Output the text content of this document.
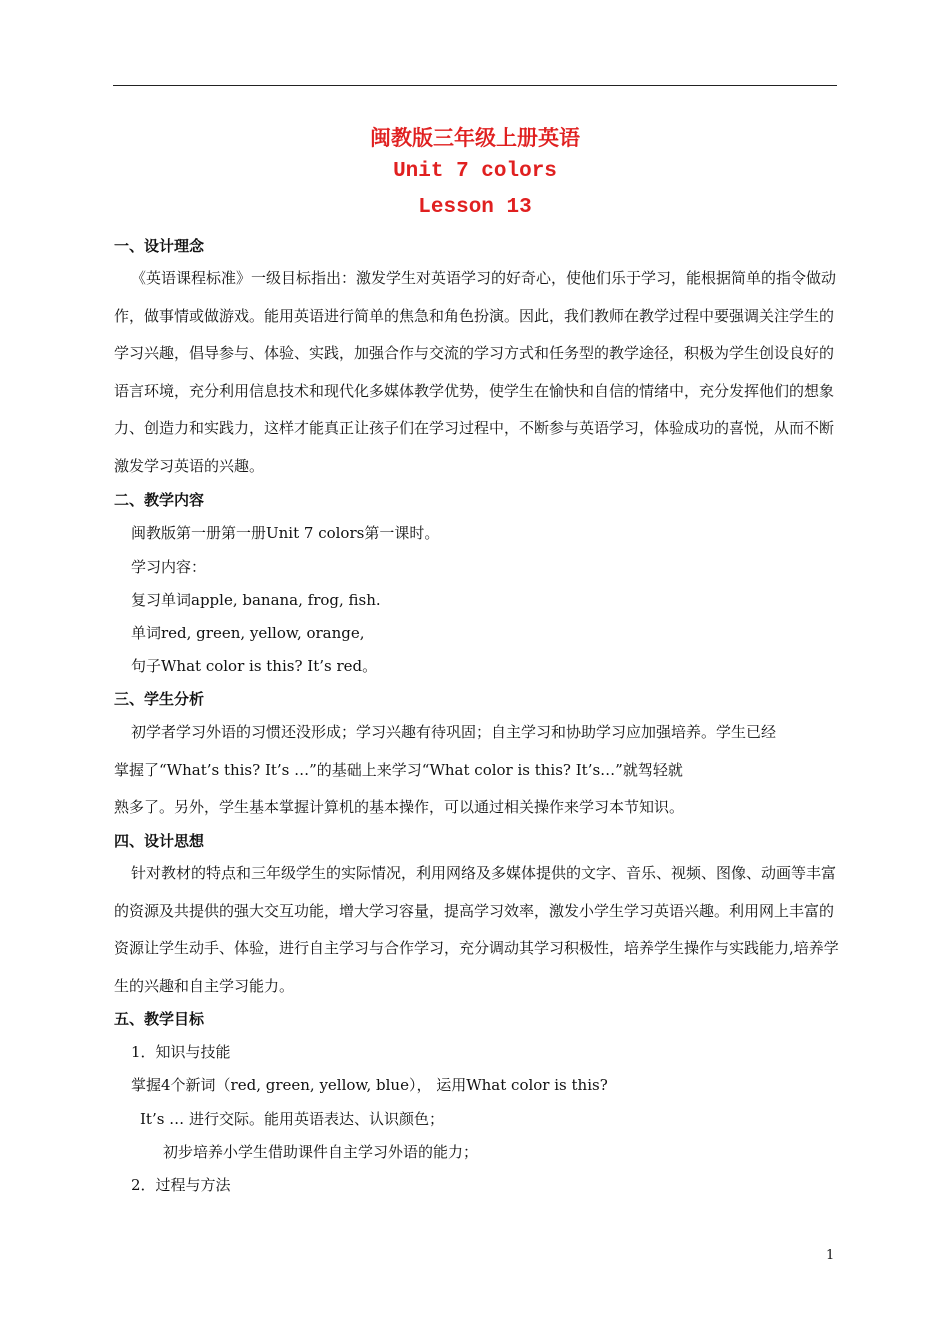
闽教版三年级上册英语
Unit 7 colors
Lesson 13
一、设计理念
《英语课程标准》一级目标指出：激发学生对英语学习的好奇心，使他们乐于学习，能根据简单的指令做动作，做事情或做游戏。能用英语进行简单的焦急和角色扮演。因此，我们教师在教学过程中要强调关注学生的学习兴趣，倡导参与、体验、实践，加强合作与交流的学习方式和任务型的教学途径，积极为学生创设良好的语言环境，充分利用信息技术和现代化多媒体教学优势，使学生在愉快和自信的情绪中，充分发挥他们的想象力、创造力和实践力，这样才能真正让孩子们在学习过程中，不断参与英语学习，体验成功的喜悦，从而不断激发学习英语的兴趣。
二、教学内容
闽教版第一册第一册Unit 7 colors第一课时。
学习内容：
复习单词apple, banana, frog, fish.
单词red, green, yellow, orange,
句子What color is this? It’s red。
三、学生分析
初学者学习外语的习惯还没形成；学习兴趣有待巩固；自主学习和协助学习应加强培养。学生已经
掌握了“What’s this? It’s …”的基础上来学习“What color is this? It’s…”就驾轻就
熟多了。另外，学生基本掌握计算机的基本操作，可以通过相关操作来学习本节知识。
四、设计思想
针对教材的特点和三年级学生的实际情况，利用网络及多媒体提供的文字、音乐、视频、图像、动画等丰富的资源及共提供的强大交互功能，增大学习容量，提高学习效率，激发小学生学习英语兴趣。利用网上丰富的资源让学生动手、体验，进行自主学习与合作学习，充分调动其学习积极性，培养学生操作与实践能力,培养学生的兴趣和自主学习能力。
五、教学目标
1．知识与技能
掌握4个新词（red, green, yellow, blue）， 运用What color is this?
It’s … 进行交际。能用英语表达、认识颜色；
初步培养小学生借助课件自主学习外语的能力；
2．过程与方法
1
